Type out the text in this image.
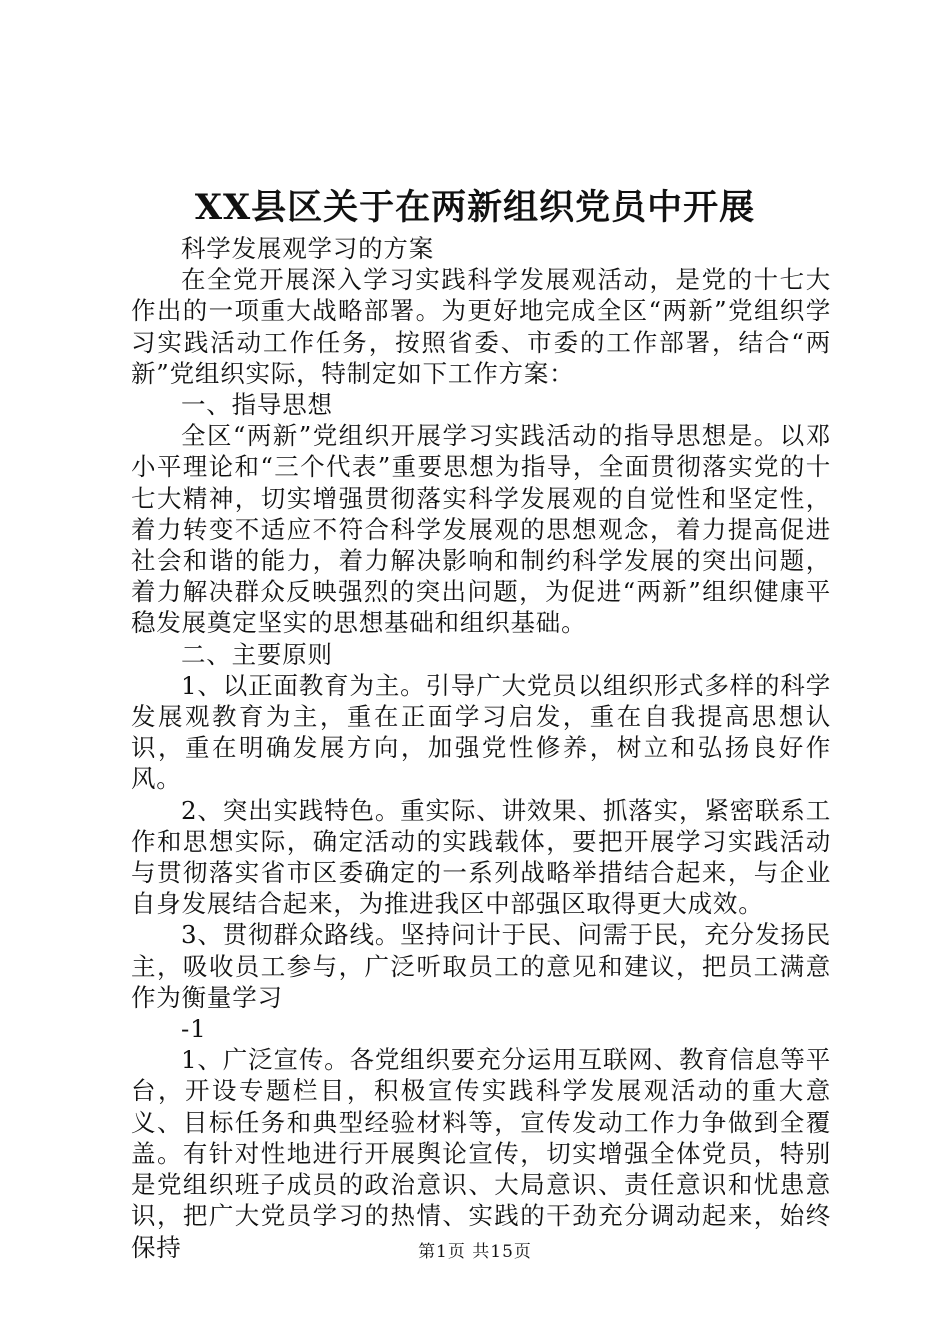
XX县区关于在两新组织党员中开展

科学发展观学习的方案

在全党开展深入学习实践科学发展观活动，是党的十七大作出的一项重大战略部署。为更好地完成全区“两新”党组织学习实践活动工作任务，按照省委、市委的工作部署，结合“两新”党组织实际，特制定如下工作方案：

一、指导思想

全区“两新”党组织开展学习实践活动的指导思想是。以邓小平理论和“三个代表”重要思想为指导，全面贯彻落实党的十七大精神，切实增强贯彻落实科学发展观的自觉性和坚定性，着力转变不适应不符合科学发展观的思想观念，着力提高促进社会和谐的能力，着力解决影响和制约科学发展的突出问题，着力解决群众反映强烈的突出问题，为促进“两新”组织健康平稳发展奠定坚实的思想基础和组织基础。

二、主要原则

1、以正面教育为主。引导广大党员以组织形式多样的科学发展观教育为主，重在正面学习启发，重在自我提高思想认识，重在明确发展方向，加强党性修养，树立和弘扬良好作风。

2、突出实践特色。重实际、讲效果、抓落实，紧密联系工作和思想实际，确定活动的实践载体，要把开展学习实践活动与贯彻落实省市区委确定的一系列战略举措结合起来，与企业自身发展结合起来，为推进我区中部强区取得更大成效。

3、贯彻群众路线。坚持问计于民、问需于民，充分发扬民主，吸收员工参与，广泛听取员工的意见和建议，把员工满意作为衡量学习

-1

1、广泛宣传。各党组织要充分运用互联网、教育信息等平台，开设专题栏目，积极宣传实践科学发展观活动的重大意义、目标任务和典型经验材料等，宣传发动工作力争做到全覆盖。有针对性地进行开展舆论宣传，切实增强全体党员，特别是党组织班子成员的政治意识、大局意识、责任意识和忧患意识，把广大党员学习的热情、实践的干劲充分调动起来，始终保持	第1页 共15页
